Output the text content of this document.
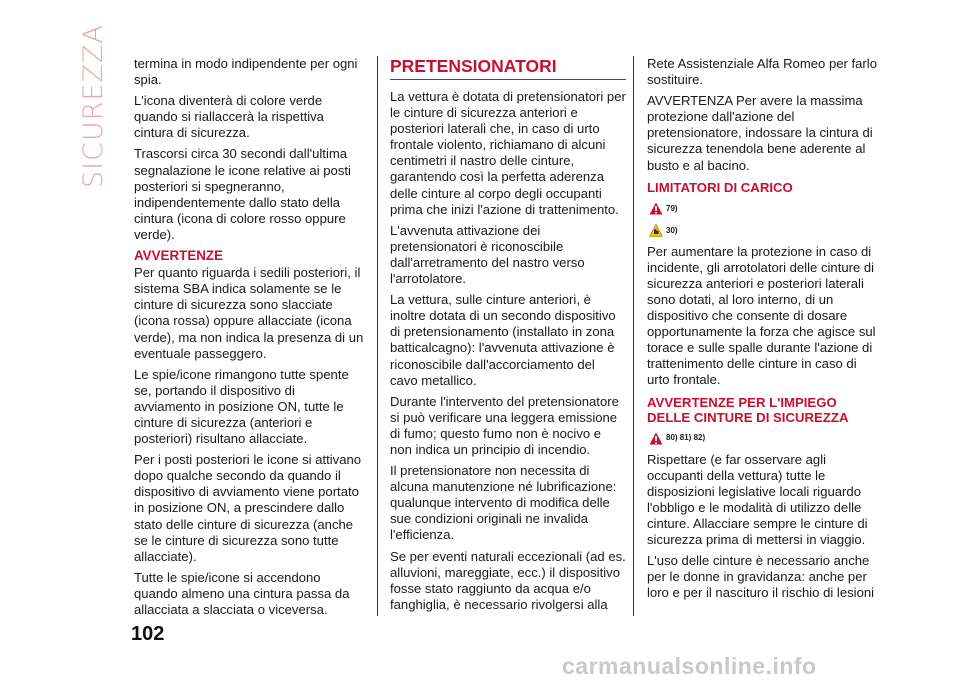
SICUREZZA termina in modo indipendente per ogni spia.

L'icona diventerà di colore verde quando si riallaccerà la rispettiva cintura di sicurezza.

Trascorsi circa 30 secondi dall'ultima segnalazione le icone relative ai posti posteriori si spegneranno, indipendentemente dallo stato della cintura (icona di colore rosso oppure verde).

AVVERTENZE

Per quanto riguarda i sedili posteriori, il sistema SBA indica solamente se le cinture di sicurezza sono slacciate (icona rossa) oppure allacciate (icona verde), ma non indica la presenza di un eventuale passeggero.

Le spie/icone rimangono tutte spente se, portando il dispositivo di avviamento in posizione ON, tutte le cinture di sicurezza (anteriori e posteriori) risultano allacciate.

Per i posti posteriori le icone si attivano dopo qualche secondo da quando il dispositivo di avviamento viene portato in posizione ON, a prescindere dallo stato delle cinture di sicurezza (anche se le cinture di sicurezza sono tutte allacciate).

Tutte le spie/icone si accendono quando almeno una cintura passa da allacciata a slacciata o viceversa.

PRETENSIONATORI

La vettura è dotata di pretensionatori per le cinture di sicurezza anteriori e posteriori laterali che, in caso di urto frontale violento, richiamano di alcuni centimetri il nastro delle cinture, garantendo così la perfetta aderenza delle cinture al corpo degli occupanti prima che inizi l'azione di trattenimento.

L'avvenuta attivazione dei pretensionatori è riconoscibile dall'arretramento del nastro verso l'arrotolatore.

La vettura, sulle cinture anteriori, è inoltre dotata di un secondo dispositivo di pretensionamento (installato in zona batticalcagno): l'avvenuta attivazione è riconoscibile dall'accorciamento del cavo metallico.

Durante l'intervento del pretensionatore si può verificare una leggera emissione di fumo; questo fumo non è nocivo e non indica un principio di incendio.

Il pretensionatore non necessita di alcuna manutenzione né lubrificazione: qualunque intervento di modifica delle sue condizioni originali ne invalida l'efficienza.

Se per eventi naturali eccezionali (ad es. alluvioni, mareggiate, ecc.) il dispositivo fosse stato raggiunto da acqua e/o fanghiglia, è necessario rivolgersi alla

Rete Assistenziale Alfa Romeo per farlo sostituire.

AVVERTENZA Per avere la massima protezione dall'azione del pretensionatore, indossare la cintura di sicurezza tenendola bene aderente al busto e al bacino.

LIMITATORI DI CARICO
79)
30)

Per aumentare la protezione in caso di incidente, gli arrotolatori delle cinture di sicurezza anteriori e posteriori laterali sono dotati, al loro interno, di un dispositivo che consente di dosare opportunamente la forza che agisce sul torace e sulle spalle durante l'azione di trattenimento delle cinture in caso di urto frontale.

AVVERTENZE PER L'IMPIEGO DELLE CINTURE DI SICUREZZA
80) 81) 82)

Rispettare (e far osservare agli occupanti della vettura) tutte le disposizioni legislative locali riguardo l'obbligo e le modalità di utilizzo delle cinture. Allacciare sempre le cinture di sicurezza prima di mettersi in viaggio.

L'uso delle cinture è necessario anche per le donne in gravidanza: anche per loro e per il nascituro il rischio di lesioni

102
carmanualsonline.info
